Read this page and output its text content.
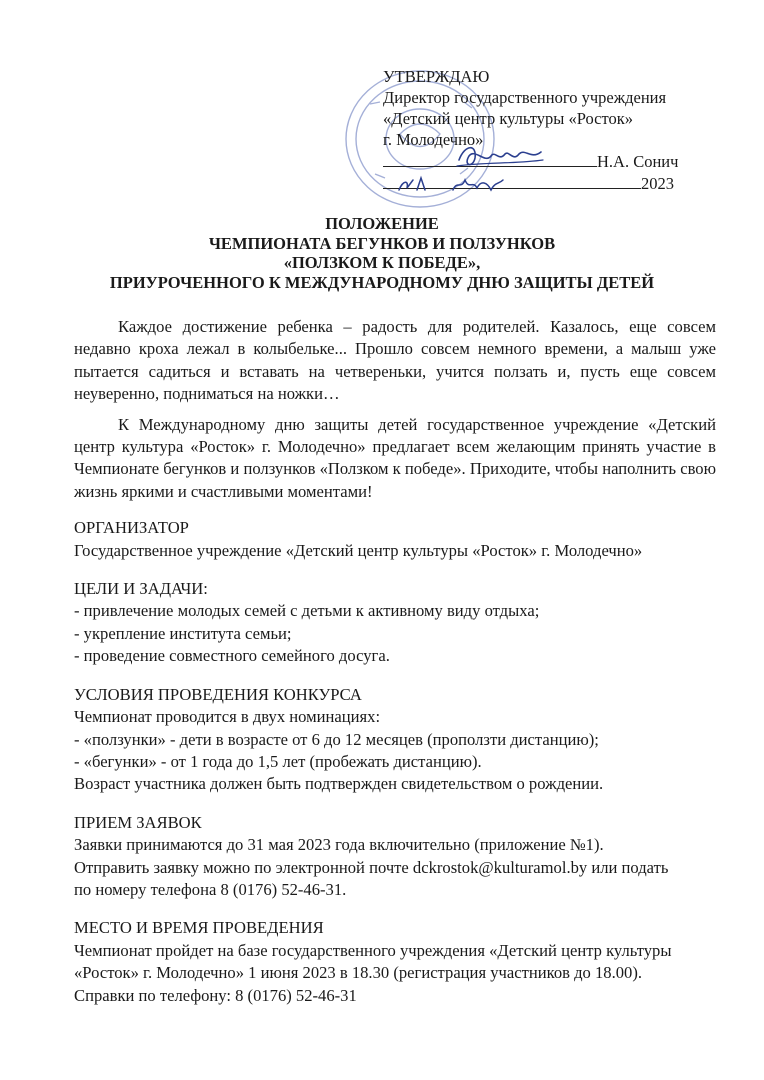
УТВЕРЖДАЮ
Директор государственного учреждения
«Детский центр культуры «Росток»
г. Молодечно»
Н.А. Сонич
2023
ПОЛОЖЕНИЕ
ЧЕМПИОНАТА БЕГУНКОВ И ПОЛЗУНКОВ
«ПОЛЗКОМ К ПОБЕДЕ»,
ПРИУРОЧЕННОГО К МЕЖДУНАРОДНОМУ ДНЮ ЗАЩИТЫ ДЕТЕЙ

Каждое достижение ребенка – радость для родителей. Казалось, еще совсем недавно кроха лежал в колыбельке... Прошло совсем немного времени, а малыш уже пытается садиться и вставать на четвереньки, учится ползать и, пусть еще совсем неуверенно, подниматься на ножки…

К Международному дню защиты детей государственное учреждение «Детский центр культура «Росток» г. Молодечно» предлагает всем желающим принять участие в Чемпионате бегунков и ползунков «Ползком к победе». Приходите, чтобы наполнить свою жизнь яркими и счастливыми моментами!

ОРГАНИЗАТОР
Государственное учреждение «Детский центр культуры «Росток» г. Молодечно»
ЦЕЛИ И ЗАДАЧИ:
- привлечение молодых семей с детьми к активному виду отдыха;
- укрепление института семьи;
- проведение совместного семейного досуга.
УСЛОВИЯ ПРОВЕДЕНИЯ КОНКУРСА
Чемпионат проводится в двух номинациях:
- «ползунки» - дети в возрасте от 6 до 12 месяцев (проползти дистанцию);
- «бегунки» - от 1 года до 1,5 лет (пробежать дистанцию).
Возраст участника должен быть подтвержден свидетельством о рождении.
ПРИЕМ ЗАЯВОК
Заявки принимаются до 31 мая 2023 года включительно (приложение №1).
Отправить заявку можно по электронной почте dckrostok@kulturamol.by или подать
по номеру телефона 8 (0176) 52-46-31.
МЕСТО И ВРЕМЯ ПРОВЕДЕНИЯ
Чемпионат пройдет на базе государственного учреждения «Детский центр культуры
«Росток» г. Молодечно» 1 июня 2023 в 18.30 (регистрация участников до 18.00).
Справки по телефону: 8 (0176) 52-46-31
